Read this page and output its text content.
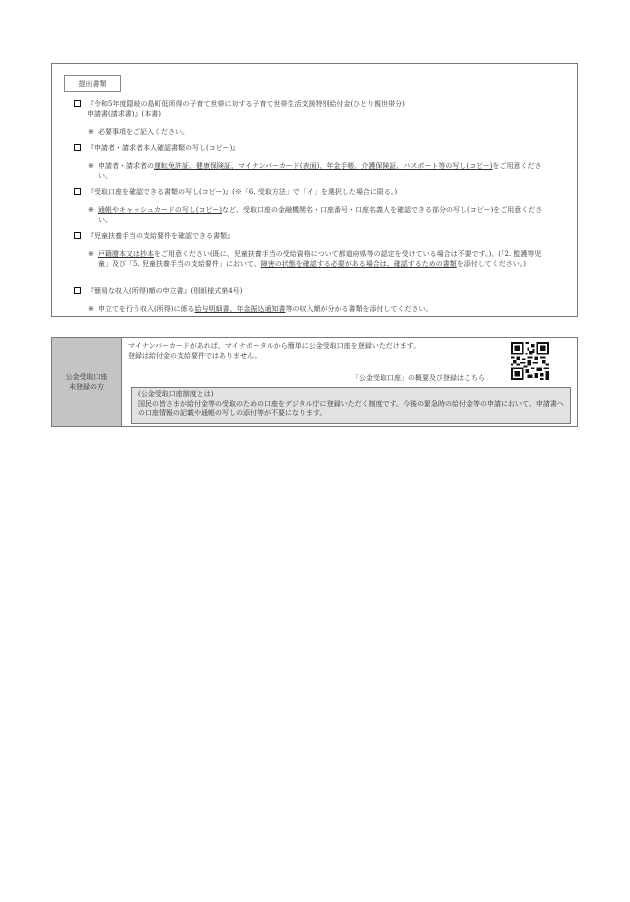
提出書類
『令和5年度隠岐の島町低所得の子育て世帯に対する子育て世帯生活支援特別給付金(ひとり親世帯分)
申請書(請求書)』(本書)
※ 必要事項をご記入ください。
『申請者・請求者本人確認書類の写し(コピー)』
※ 申請者・請求者の運転免許証、健康保険証、マイナンバーカード(表面)、年金手帳、介護保険証、パスポート等の写し(コピー)をご用意ください。
『受取口座を確認できる書類の写し(コピー)』(※「6. 受取方法」で「イ」を選択した場合に限る。)
※ 通帳やキャッシュカードの写し(コピー)など、受取口座の金融機関名・口座番号・口座名義人を確認できる部分の写し(コピー)をご用意ください。
『児童扶養手当の支給要件を確認できる書類』
※ 戸籍謄本又は抄本をご用意ください(既に、児童扶養手当の受給資格について都道府県等の認定を受けている場合は不要です。)。(「2. 監護等児童」及び「5. 児童扶養手当の支給要件」において、障害の状態を確認する必要がある場合は、確認するための書類を添付してください。)
『簡易な収入(所得)額の申立書』(別紙様式第4号)
※ 申立てを行う収入(所得)に係る給与明細書、年金振込通知書等の収入額が分かる書類を添付してください。
公金受取口座
未登録の方
マイナンバーカードがあれば、マイナポータルから簡単に公金受取口座を登録いただけます。
登録は給付金の支給要件ではありません。
「公金受取口座」の概要及び登録はこちら
(公金受取口座制度とは)
国民の皆さまが給付金等の受取のための口座をデジタル庁に登録いただく制度です。今後の緊急時の給付金等の申請において、申請書への口座情報の記載や通帳の写しの添付等が不要になります。
